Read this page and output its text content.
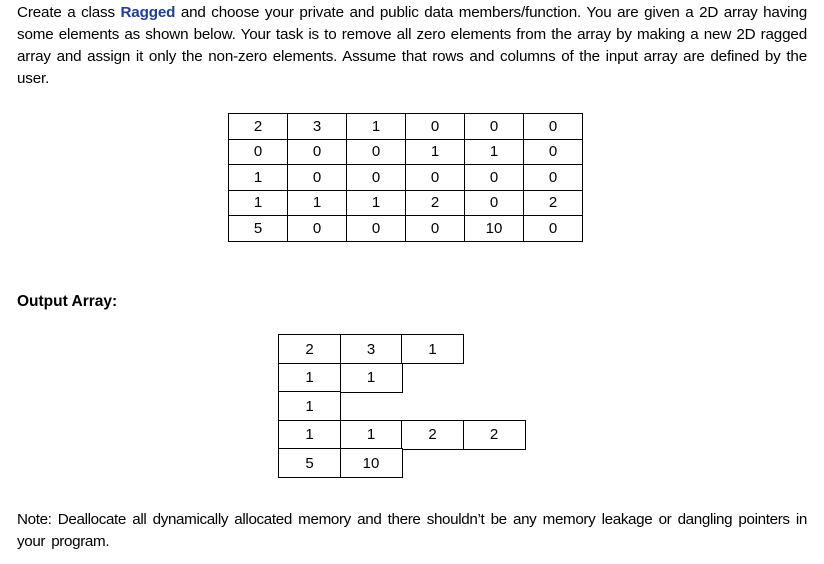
Create a class Ragged and choose your private and public data members/function. You are given a 2D array having some elements as shown below. Your task is to remove all zero elements from the array by making a new 2D ragged array and assign it only the non-zero elements. Assume that rows and columns of the input array are defined by the user.
2	3	1	0	0	0
0	0	0	1	1	0
1	0	0	0	0	0
1	1	1	2	0	2
5	0	0	0	10	0
Output Array:
2	3	1
1	1
1
1	1	2	2
5	10
Note: Deallocate all dynamically allocated memory and there shouldn’t be any memory leakage or dangling pointers in your program.
